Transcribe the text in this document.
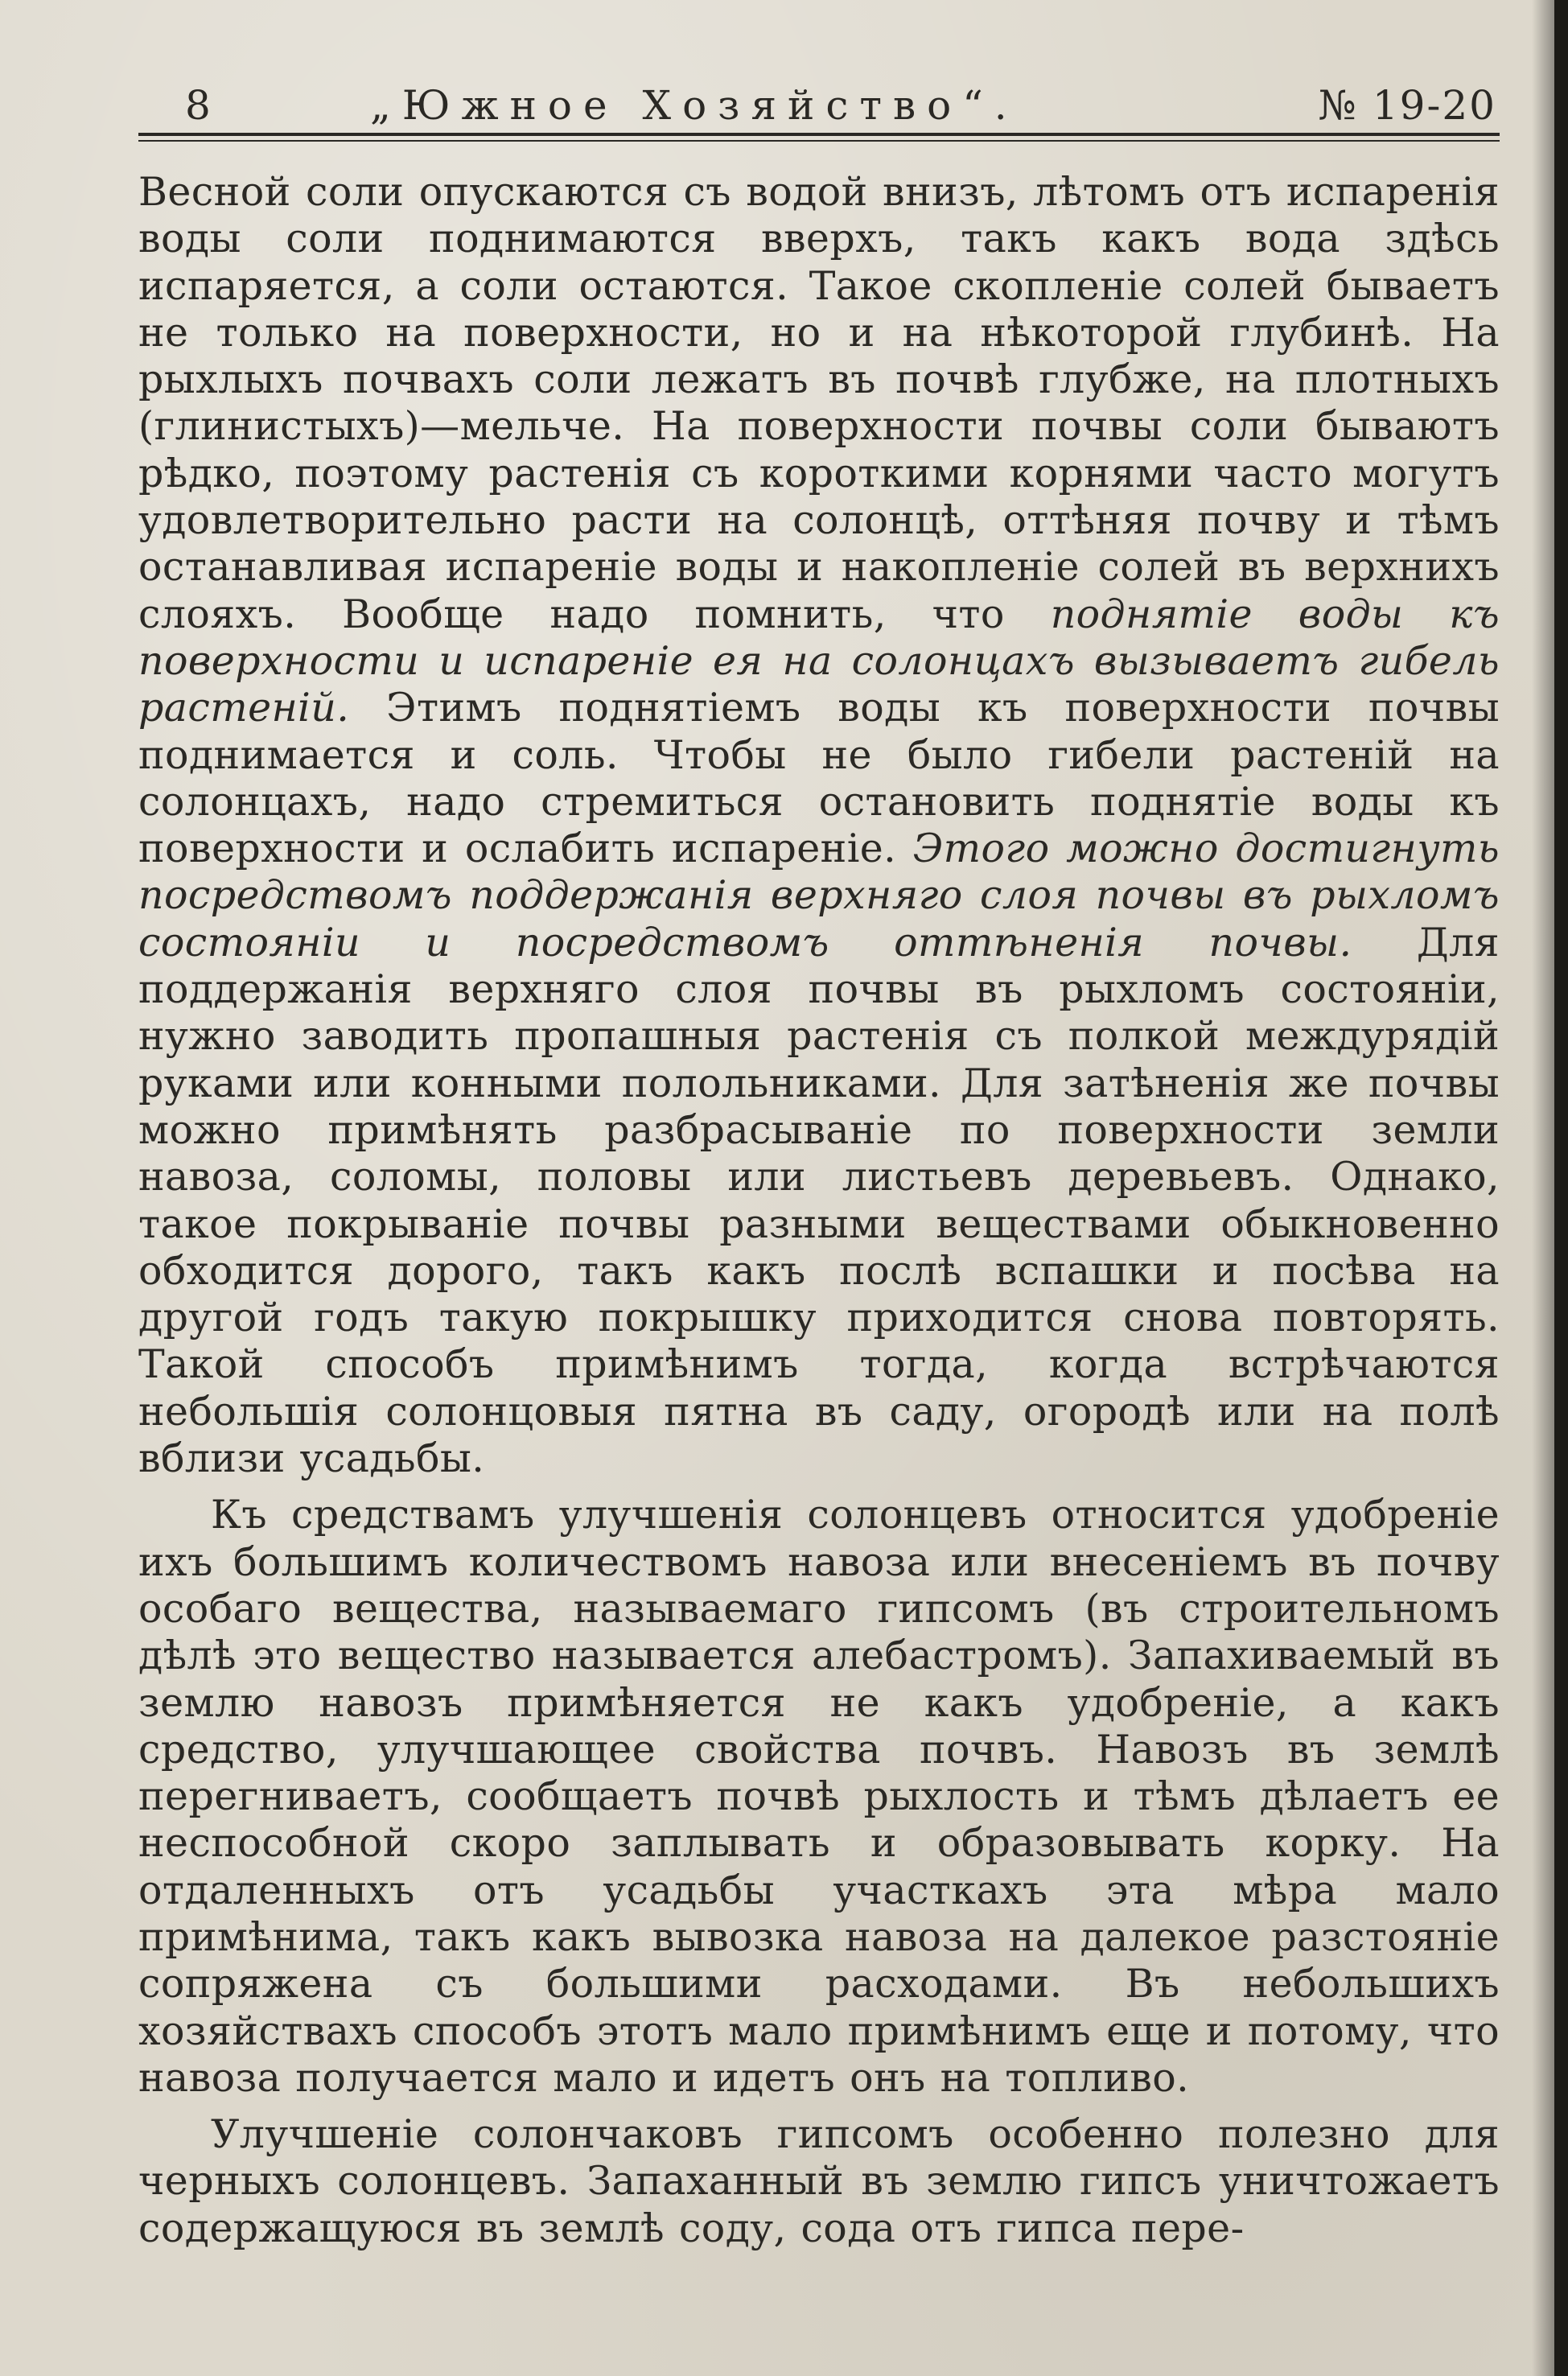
8	„Южное Хозяйство“.	№ 19-20

Весной соли опускаются съ водой внизъ, лѣтомъ отъ испаренія воды соли поднимаются вверхъ, такъ какъ вода здѣсь испаряется, а соли остаются. Такое скопленіе солей бываетъ не только на поверхности, но и на нѣкоторой глубинѣ. На рыхлыхъ почвахъ соли лежатъ въ почвѣ глубже, на плотныхъ (глинистыхъ)—мельче. На поверхности почвы соли бываютъ рѣдко, поэтому растенія съ короткими корнями часто могутъ удовлетворительно расти на солонцѣ, оттѣняя почву и тѣмъ останавливая испареніе воды и накопленіе солей въ верхнихъ слояхъ. Вообще надо помнить, что поднятіе воды къ поверхности и испареніе ея на солонцахъ вызываетъ гибель растеній. Этимъ поднятіемъ воды къ поверхности почвы поднимается и соль. Чтобы не было гибели растеній на солонцахъ, надо стремиться остановить поднятіе воды къ поверхности и ослабить испареніе. Этого можно достигнуть посредствомъ поддержанія верхняго слоя почвы въ рыхломъ состояніи и посредствомъ оттѣненія почвы. Для поддержанія верхняго слоя почвы въ рыхломъ состояніи, нужно заводить пропашныя растенія съ полкой междурядій руками или конными полольниками. Для затѣненія же почвы можно примѣнять разбрасываніе по поверхности земли навоза, соломы, половы или листьевъ деревьевъ. Однако, такое покрываніе почвы разными веществами обыкновенно обходится дорого, такъ какъ послѣ вспашки и посѣва на другой годъ такую покрышку приходится снова повторять. Такой способъ примѣнимъ тогда, когда встрѣчаются небольшія солонцовыя пятна въ саду, огородѣ или на полѣ вблизи усадьбы.

Къ средствамъ улучшенія солонцевъ относится удобреніе ихъ большимъ количествомъ навоза или внесеніемъ въ почву особаго вещества, называемаго гипсомъ (въ строительномъ дѣлѣ это вещество называется алебастромъ). Запахиваемый въ землю навозъ примѣняется не какъ удобреніе, а какъ средство, улучшающее свойства почвъ. Навозъ въ землѣ перегниваетъ, сообщаетъ почвѣ рыхлость и тѣмъ дѣлаетъ ее неспособной скоро заплывать и образовывать корку. На отдаленныхъ отъ усадьбы участкахъ эта мѣра мало примѣнима, такъ какъ вывозка навоза на далекое разстояніе сопряжена съ большими расходами. Въ небольшихъ хозяйствахъ способъ этотъ мало примѣнимъ еще и потому, что навоза получается мало и идетъ онъ на топливо.

Улучшеніе солончаковъ гипсомъ особенно полезно для черныхъ солонцевъ. Запаханный въ землю гипсъ уничтожаетъ содержащуюся въ землѣ соду, сода отъ гипса пере-
